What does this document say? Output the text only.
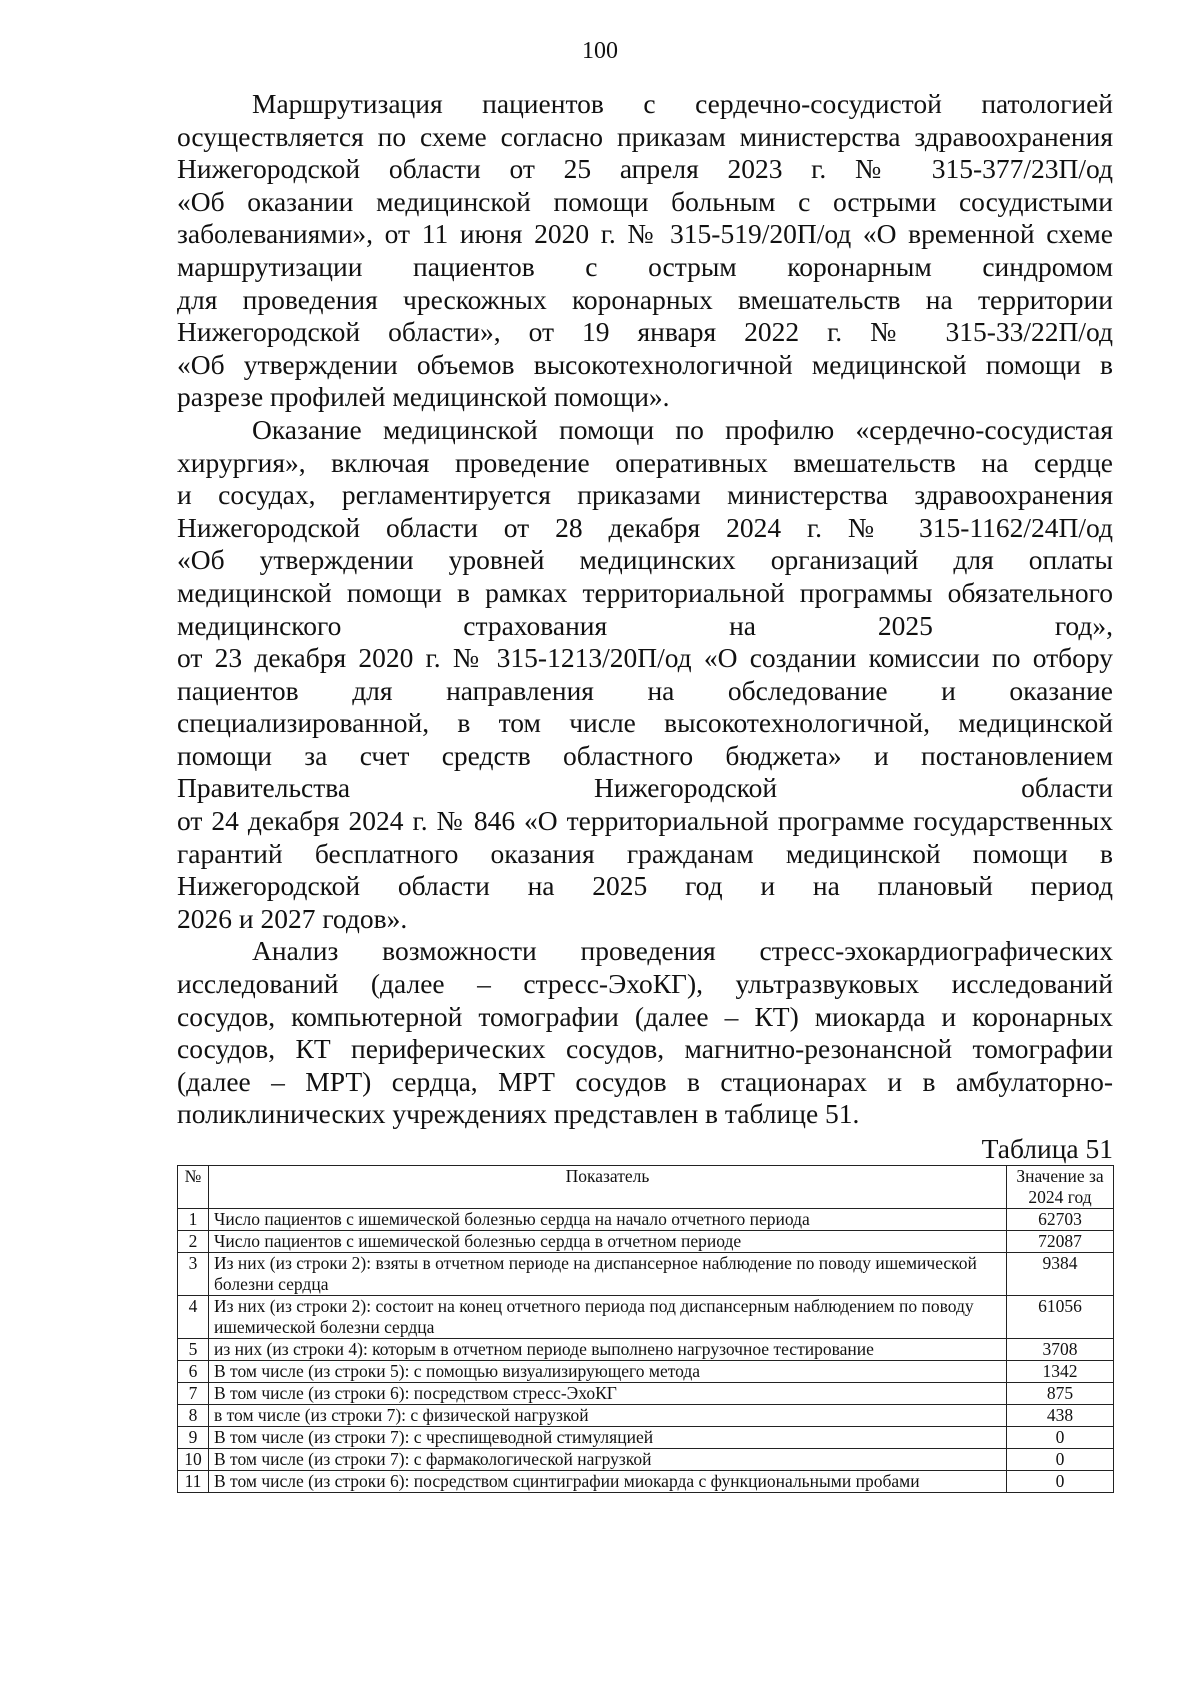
100

Маршрутизация пациентов с сердечно-сосудистой патологией
осуществляется по схеме согласно приказам министерства здравоохранения
Нижегородской области от 25 апреля 2023 г. № 315-377/23П/од
«Об оказании медицинской помощи больным с острыми сосудистыми
заболеваниями», от 11 июня 2020 г. № 315-519/20П/од «О временной схеме
маршрутизации пациентов с острым коронарным синдромом
для проведения чрескожных коронарных вмешательств на территории
Нижегородской области», от 19 января 2022 г. № 315-33/22П/од
«Об утверждении объемов высокотехнологичной медицинской помощи в
разрезе профилей медицинской помощи».

Оказание медицинской помощи по профилю «сердечно-сосудистая
хирургия», включая проведение оперативных вмешательств на сердце
и сосудах, регламентируется приказами министерства здравоохранения
Нижегородской области от 28 декабря 2024 г. № 315-1162/24П/од
«Об утверждении уровней медицинских организаций для оплаты
медицинской помощи в рамках территориальной программы обязательного
медицинского страхования на 2025 год»,
от 23 декабря 2020 г. № 315-1213/20П/од «О создании комиссии по отбору
пациентов для направления на обследование и оказание
специализированной, в том числе высокотехнологичной, медицинской
помощи за счет средств областного бюджета» и постановлением
Правительства Нижегородской области
от 24 декабря 2024 г. № 846 «О территориальной программе государственных
гарантий бесплатного оказания гражданам медицинской помощи в
Нижегородской области на 2025 год и на плановый период
2026 и 2027 годов».

Анализ возможности проведения стресс-эхокардиографических
исследований (далее – стресс-ЭхоКГ), ультразвуковых исследований
сосудов, компьютерной томографии (далее – КТ) миокарда и коронарных
сосудов, КТ периферических сосудов, магнитно-резонансной томографии
(далее – МРТ) сердца, МРТ сосудов в стационарах и в амбулаторно-
поликлинических учреждениях представлен в таблице 51.

Таблица 51
№	Показатель	Значение за 2024 год
1	Число пациентов с ишемической болезнью сердца на начало отчетного периода	62703
2	Число пациентов с ишемической болезнью сердца в отчетном периоде	72087
3	Из них (из строки 2): взяты в отчетном периоде на диспансерное наблюдение по поводу ишемической болезни сердца	9384
4	Из них (из строки 2): состоит на конец отчетного периода под диспансерным наблюдением по поводу ишемической болезни сердца	61056
5	из них (из строки 4): которым в отчетном периоде выполнено нагрузочное тестирование	3708
6	В том числе (из строки 5): с помощью визуализирующего метода	1342
7	В том числе (из строки 6): посредством стресс-ЭхоКГ	875
8	в том числе (из строки 7): с физической нагрузкой	438
9	В том числе (из строки 7): с чреспищеводной стимуляцией	0
10	В том числе (из строки 7): с фармакологической нагрузкой	0
11	В том числе (из строки 6): посредством сцинтиграфии миокарда с функциональными пробами	0
